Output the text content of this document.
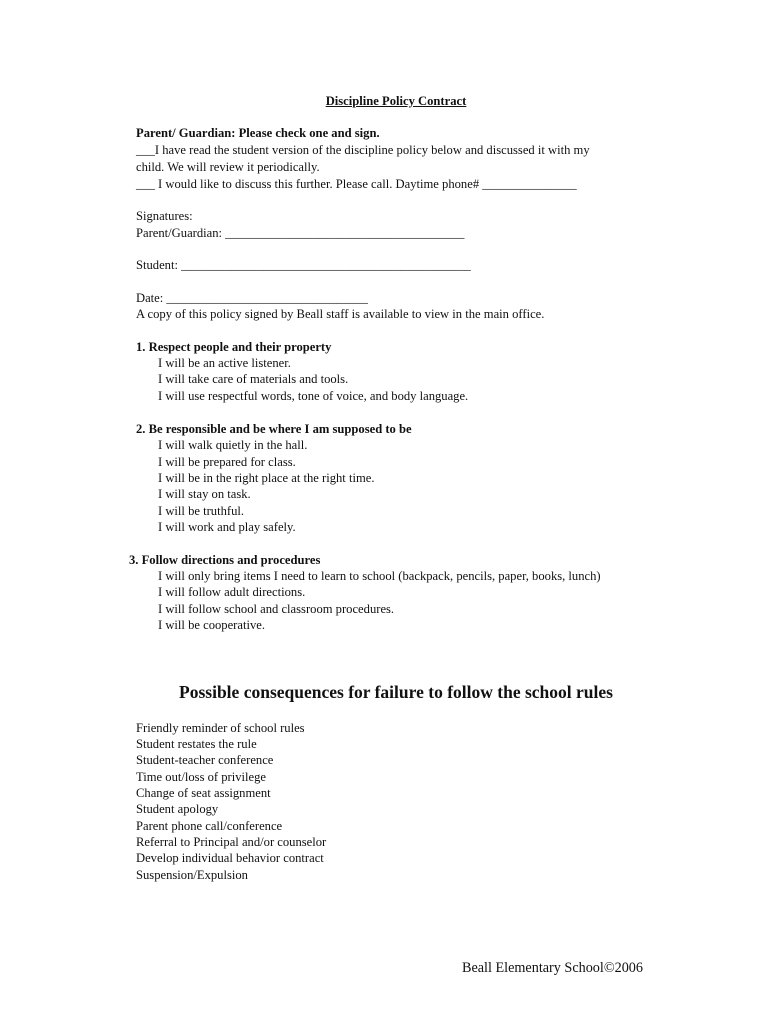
Discipline Policy Contract
Parent/ Guardian: Please check one and sign.
___I have read the student version of the discipline policy below and discussed it with my
child. We will review it periodically.
___ I would like to discuss this further. Please call. Daytime phone# _______________
Signatures:
Parent/Guardian: ______________________________________
Student: ______________________________________________
Date: ________________________________
A copy of this policy signed by Beall staff is available to view in the main office.
1. Respect people and their property
I will be an active listener.
I will take care of materials and tools.
I will use respectful words, tone of voice, and body language.
2. Be responsible and be where I am supposed to be
I will walk quietly in the hall.
I will be prepared for class.
I will be in the right place at the right time.
I will stay on task.
I will be truthful.
I will work and play safely.
3. Follow directions and procedures
I will only bring items I need to learn to school (backpack, pencils, paper, books, lunch)
I will follow adult directions.
I will follow school and classroom procedures.
I will be cooperative.
Possible consequences for failure to follow the school rules
Friendly reminder of school rules
Student restates the rule
Student-teacher conference
Time out/loss of privilege
Change of seat assignment
Student apology
Parent phone call/conference
Referral to Principal and/or counselor
Develop individual behavior contract
Suspension/Expulsion
Beall Elementary School©2006
